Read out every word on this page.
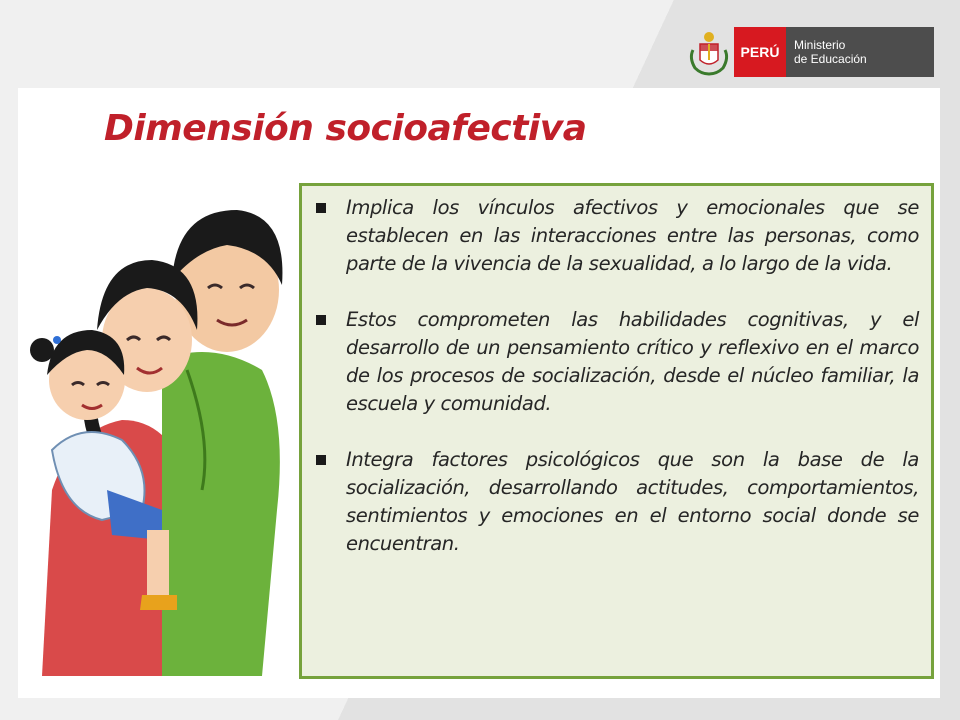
PERÚ Ministerio
de Educación
Dimensión socioafectiva

Implica los vínculos afectivos y emocionales que se establecen en las interacciones entre las personas, como parte de la vivencia de la sexualidad, a lo largo de la vida.

Estos comprometen las habilidades cognitivas, y el desarrollo de un pensamiento crítico y reflexivo en el marco de los procesos de socialización, desde el núcleo familiar, la escuela y comunidad.

Integra factores psicológicos que son la base de la socialización, desarrollando actitudes, comportamientos, sentimientos y emociones en el entorno social donde se encuentran.
